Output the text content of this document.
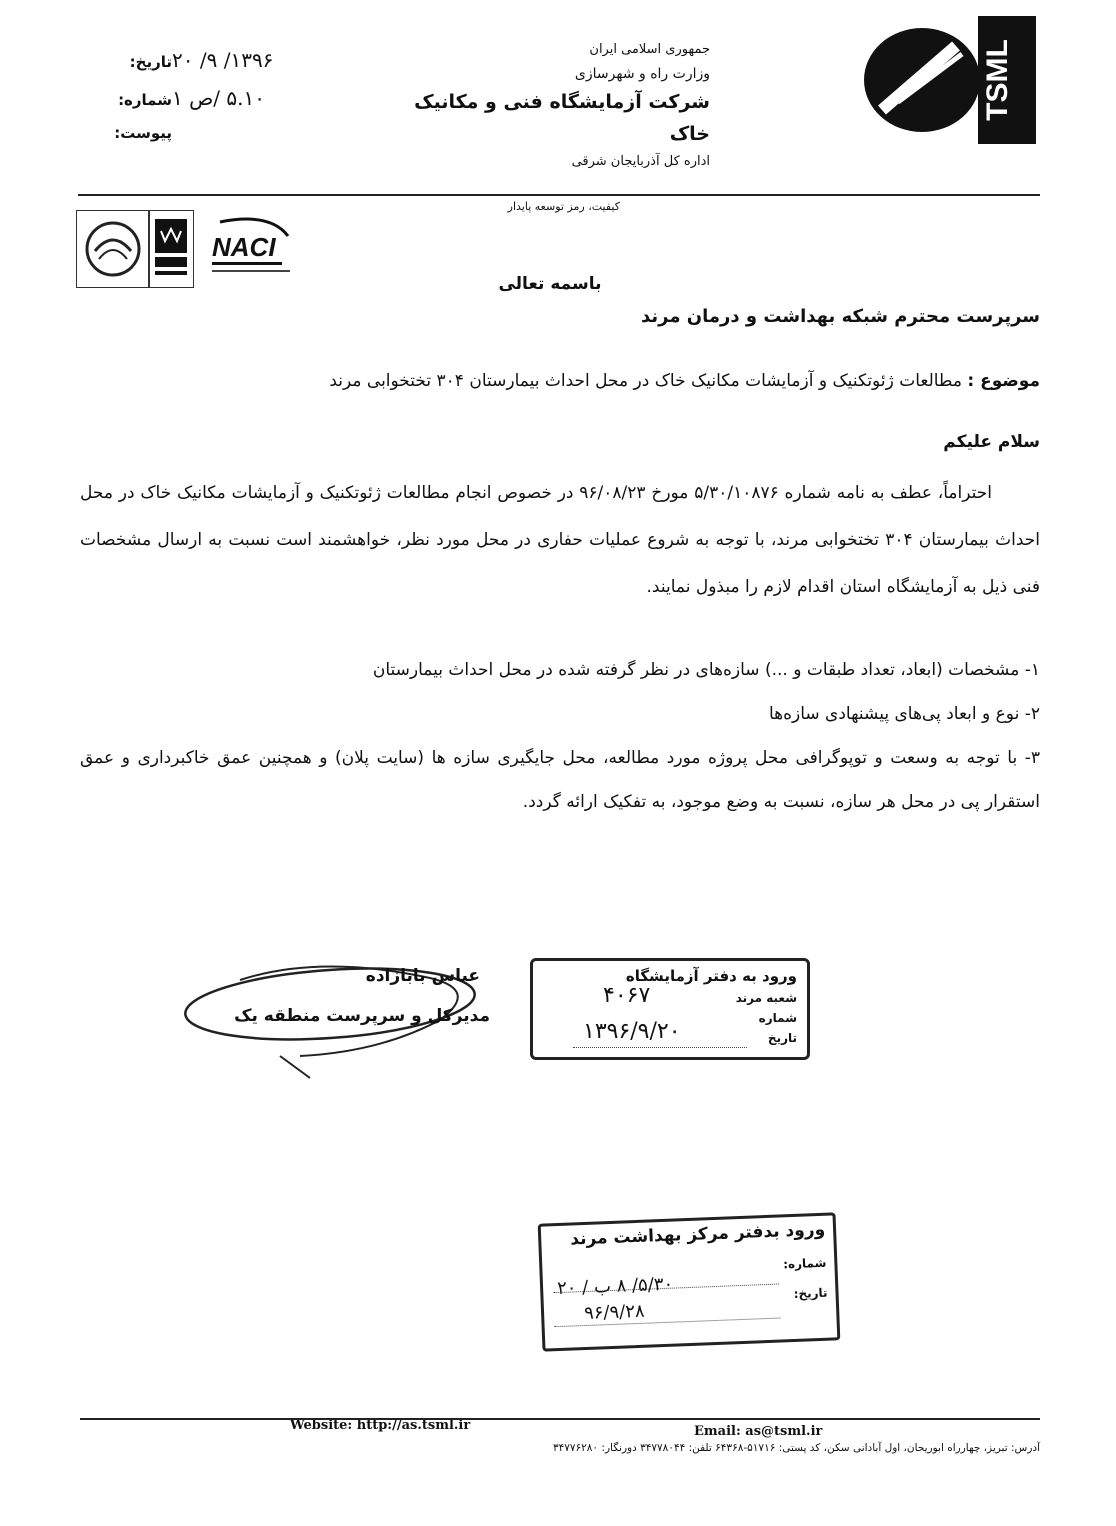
TSML
جمهوری اسلامی ایران
وزارت راه و شهرسازی
شرکت آزمایشگاه فنی و مکانیک خاک
اداره کل آذربایجان شرقی
تاریخ: ۱۳۹۶/ ۹/ ۲۰
شماره: ۵.۱۰ /ص ۱
پیوست:
کیفیت، رمز توسعه پایدار
NACI
باسمه تعالی
سرپرست محترم شبکه بهداشت و درمان مرند
موضوع : مطالعات ژئوتکنیک و آزمایشات مکانیک خاک در محل احداث بیمارستان ۳۰۴ تختخوابی مرند
سلام علیکم
احتراماً، عطف به نامه شماره ۵/۳۰/۱۰۸۷۶ مورخ ۹۶/۰۸/۲۳ در خصوص انجام مطالعات ژئوتکنیک و آزمایشات مکانیک خاک در محل احداث بیمارستان ۳۰۴ تختخوابی مرند، با توجه به شروع عملیات حفاری در محل مورد نظر، خواهشمند است نسبت به ارسال مشخصات فنی ذیل به آزمایشگاه استان اقدام لازم را مبذول نمایند.
۱- مشخصات (ابعاد، تعداد طبقات و ...) سازه‌های در نظر گرفته شده در محل احداث بیمارستان
۲- نوع و ابعاد پی‌های پیشنهادی سازه‌ها
۳- با توجه به وسعت و توپوگرافی محل پروژه مورد مطالعه، محل جایگیری سازه ها (سایت پلان) و همچنین عمق خاکبرداری و عمق استقرار پی در محل هر سازه، نسبت به وضع موجود، به تفکیک ارائه گردد.
عباس بابازاده
مدیرکل و سرپرست منطقه یک
ورود به دفتر آزمایشگاه
شعبه مرند
۴۰۶۷
شماره
تاریخ
۱۳۹۶/۹/۲۰
ورود بدفتر مرکز بهداشت مرند
شماره:
۵/۳۰/ ۸ ب / ۲۰	تاریخ:
۹۶/۹/۲۸
Website: http://as.tsml.ir	Email: as@tsml.ir
آدرس: تبریز، چهارراه ابوریحان، اول آبادانی سکن، کد پستی: ۵۱۷۱۶-۶۴۳۶۸ تلفن: ۳۴۷۷۸۰۴۴ دورنگار: ۳۴۷۷۶۲۸۰
